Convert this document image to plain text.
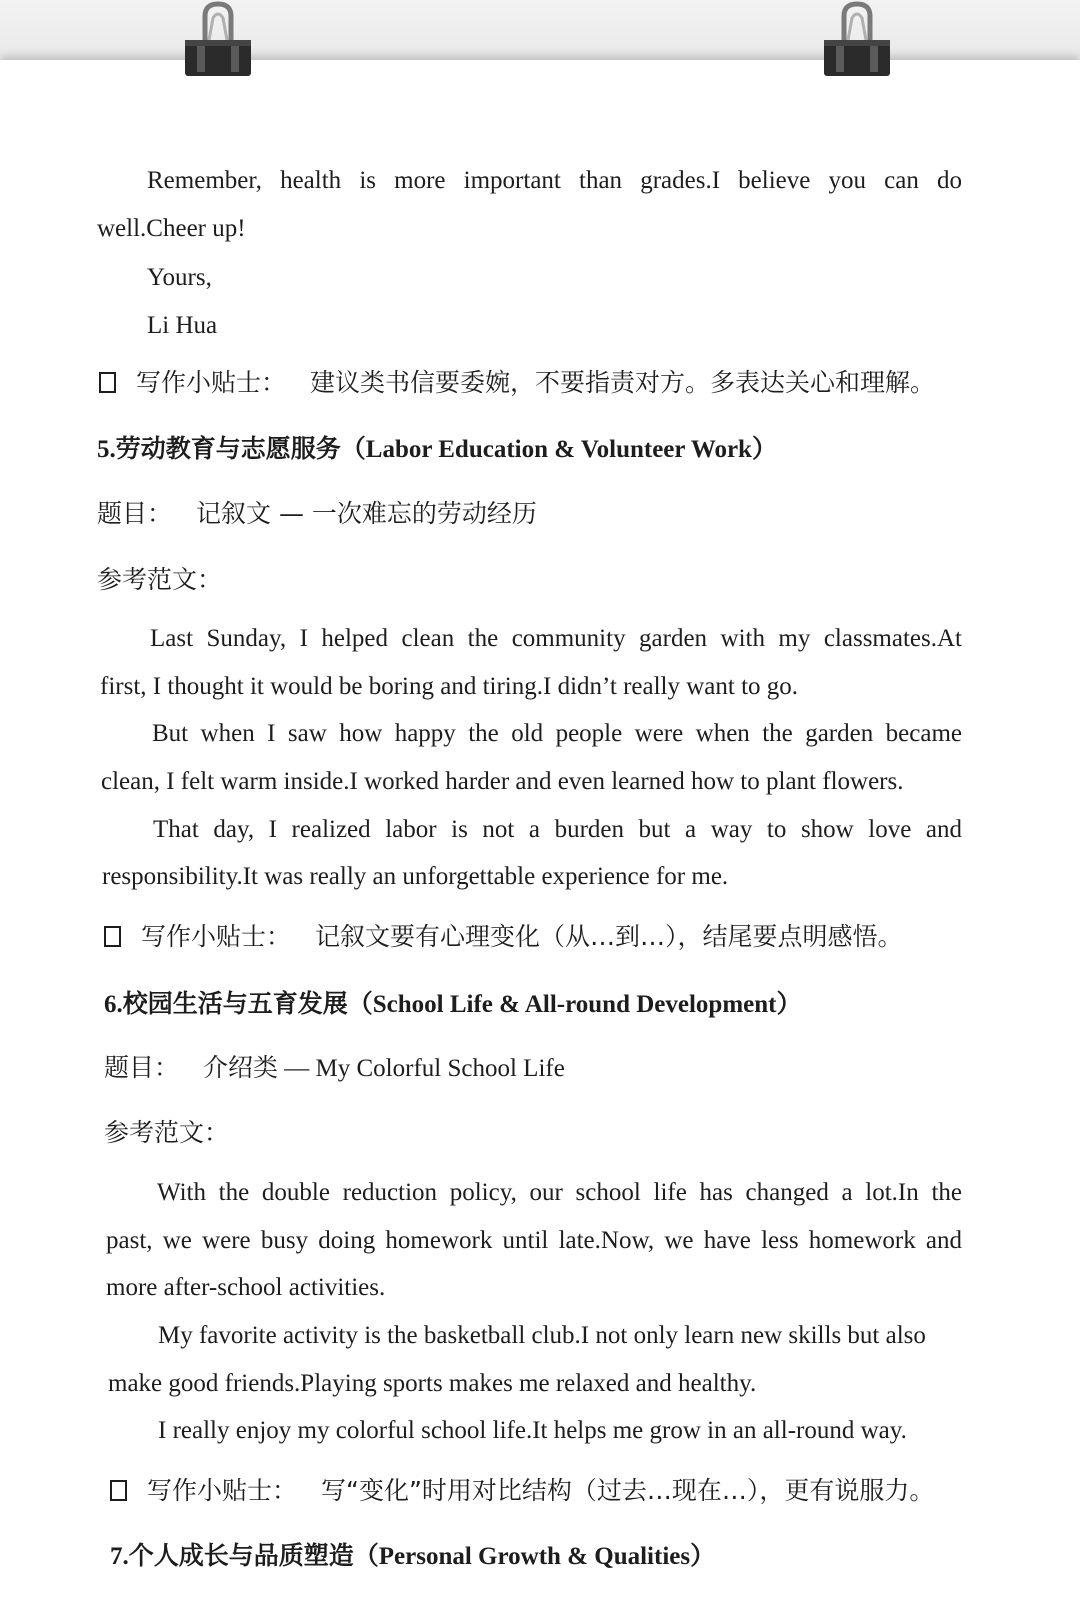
Remember, health is more important than grades.I believe you can do
well.Cheer up!
Yours,
Li Hua
写作小贴士： 建议类书信要委婉，不要指责对方。多表达关心和理解。
5.劳动教育与志愿服务（Labor Education & Volunteer Work）
题目： 记叙文 — 一次难忘的劳动经历
参考范文：
Last Sunday, I helped clean the community garden with my classmates.At
first, I thought it would be boring and tiring.I didn’t really want to go.
But when I saw how happy the old people were when the garden became
clean, I felt warm inside.I worked harder and even learned how to plant flowers.
That day, I realized labor is not a burden but a way to show love and
responsibility.It was really an unforgettable experience for me.
写作小贴士： 记叙文要有心理变化（从…到…），结尾要点明感悟。
6.校园生活与五育发展（School Life & All-round Development）
题目： 介绍类 — My Colorful School Life
参考范文：
With the double reduction policy, our school life has changed a lot.In the
past, we were busy doing homework until late.Now, we have less homework and
more after-school activities.
My favorite activity is the basketball club.I not only learn new skills but also
make good friends.Playing sports makes me relaxed and healthy.
I really enjoy my colorful school life.It helps me grow in an all-round way.
写作小贴士： 写“变化”时用对比结构（过去…现在…），更有说服力。
7.个人成长与品质塑造（Personal Growth & Qualities）
